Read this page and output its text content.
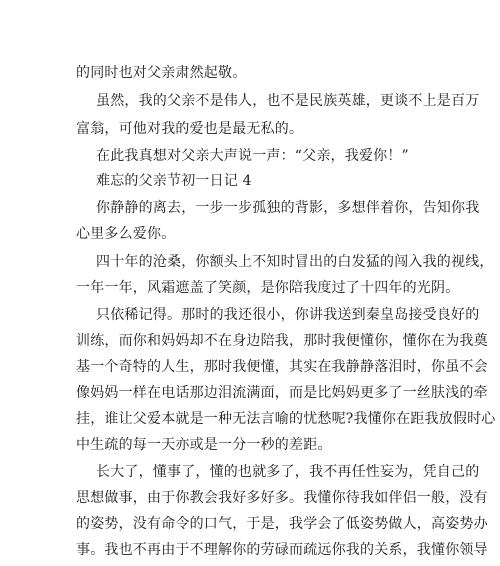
的同时也对父亲肃然起敬。
虽然，我的父亲不是伟人，也不是民族英雄，更谈不上是百万
富翁，可他对我的爱也是最无私的。
在此我真想对父亲大声说一声：“父亲，我爱你！”
难忘的父亲节初一日记 4
你静静的离去，一步一步孤独的背影，多想伴着你，告知你我
心里多么爱你。
四十年的沧桑，你额头上不知时冒出的白发猛的闯入我的视线，
一年一年，风霜遮盖了笑颜，是你陪我度过了十四年的光阴。
只依稀记得。那时的我还很小，你讲我送到秦皇岛接受良好的
训练，而你和妈妈却不在身边陪我，那时我便懂你，懂你在为我奠
基一个奇特的人生，那时我便懂，其实在我静静落泪时，你虽不会
像妈妈一样在电话那边泪流满面，而是比妈妈更多了一丝肤浅的牵
挂，谁让父爱本就是一种无法言喻的忧愁呢?我懂你在距我放假时心
中生疏的每一天亦或是一分一秒的差距。
长大了，懂事了，懂的也就多了，我不再任性妄为，凭自己的
思想做事，由于你教会我好多好多。我懂你待我如伴侣一般，没有
的姿势，没有命令的口气，于是，我学会了低姿势做人，高姿势办
事。我也不再由于不理解你的劳碌而疏远你我的关系，我懂你领导
